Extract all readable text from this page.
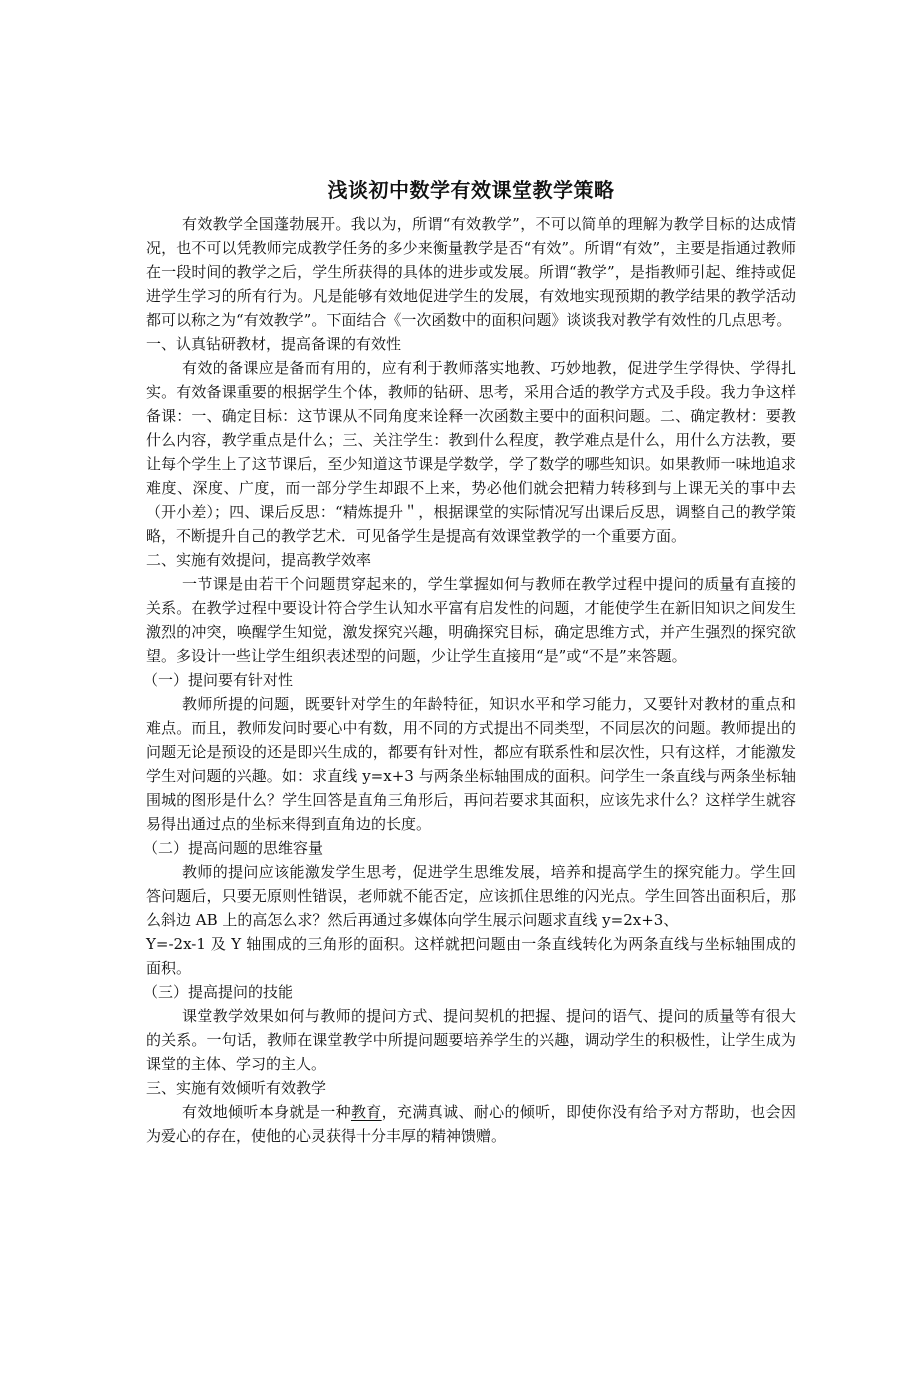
浅谈初中数学有效课堂教学策略

有效教学全国蓬勃展开。我以为，所谓“有效教学”，不可以简单的理解为教学目标的达成情况，也不可以凭教师完成教学任务的多少来衡量教学是否“有效”。所谓“有效”，主要是指通过教师在一段时间的教学之后，学生所获得的具体的进步或发展。所谓“教学”，是指教师引起、维持或促进学生学习的所有行为。凡是能够有效地促进学生的发展，有效地实现预期的教学结果的教学活动都可以称之为“有效教学”。下面结合《一次函数中的面积问题》谈谈我对教学有效性的几点思考。

一、认真钻研教材，提高备课的有效性

有效的备课应是备而有用的，应有利于教师落实地教、巧妙地教，促进学生学得快、学得扎实。有效备课重要的根据学生个体，教师的钻研、思考，采用合适的教学方式及手段。我力争这样备课：一、确定目标：这节课从不同角度来诠释一次函数主要中的面积问题。二、确定教材：要教什么内容，教学重点是什么；三、关注学生：教到什么程度，教学难点是什么，用什么方法教，要让每个学生上了这节课后，至少知道这节课是学数学，学了数学的哪些知识。如果教师一味地追求难度、深度、广度，而一部分学生却跟不上来，势必他们就会把精力转移到与上课无关的事中去（开小差）；四、课后反思：“精炼提升＂，根据课堂的实际情况写出课后反思，调整自己的教学策略，不断提升自己的教学艺术．可见备学生是提高有效课堂教学的一个重要方面。

二、实施有效提问，提高教学效率

一节课是由若干个问题贯穿起来的，学生掌握如何与教师在教学过程中提问的质量有直接的关系。在教学过程中要设计符合学生认知水平富有启发性的问题，才能使学生在新旧知识之间发生激烈的冲突，唤醒学生知觉，激发探究兴趣，明确探究目标，确定思维方式，并产生强烈的探究欲望。多设计一些让学生组织表述型的问题，少让学生直接用“是”或“不是”来答题。

（一）提问要有针对性

教师所提的问题，既要针对学生的年龄特征，知识水平和学习能力，又要针对教材的重点和难点。而且，教师发问时要心中有数，用不同的方式提出不同类型，不同层次的问题。教师提出的问题无论是预设的还是即兴生成的，都要有针对性，都应有联系性和层次性，只有这样，才能激发学生对问题的兴趣。如：求直线 y=x+3 与两条坐标轴围成的面积。问学生一条直线与两条坐标轴围城的图形是什么？学生回答是直角三角形后，再问若要求其面积，应该先求什么？这样学生就容易得出通过点的坐标来得到直角边的长度。

（二）提高问题的思维容量

教师的提问应该能激发学生思考，促进学生思维发展，培养和提高学生的探究能力。学生回答问题后，只要无原则性错误，老师就不能否定，应该抓住思维的闪光点。学生回答出面积后，那么斜边 AB 上的高怎么求？然后再通过多媒体向学生展示问题求直线 y=2x+3、

Y=-2x-1 及 Y 轴围成的三角形的面积。这样就把问题由一条直线转化为两条直线与坐标轴围成的面积。

（三）提高提问的技能

课堂教学效果如何与教师的提问方式、提问契机的把握、提问的语气、提问的质量等有很大的关系。一句话，教师在课堂教学中所提问题要培养学生的兴趣，调动学生的积极性，让学生成为课堂的主体、学习的主人。

三、实施有效倾听有效教学

有效地倾听本身就是一种教育，充满真诚、耐心的倾听，即使你没有给予对方帮助，也会因为爱心的存在，使他的心灵获得十分丰厚的精神馈赠。
